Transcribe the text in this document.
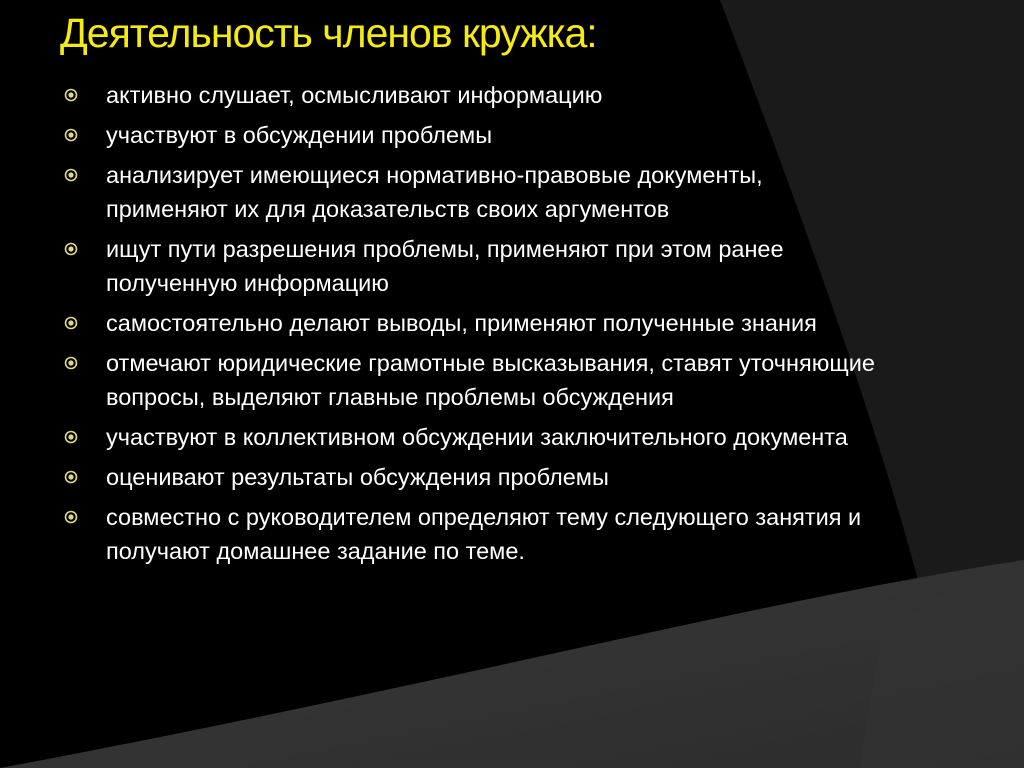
Деятельность членов кружка:
активно слушает, осмысливают информацию
участвуют в обсуждении проблемы
анализирует имеющиеся нормативно-правовые документы, применяют их для доказательств своих аргументов
ищут пути разрешения проблемы, применяют при этом ранее полученную информацию
самостоятельно делают выводы, применяют полученные знания
отмечают юридические грамотные высказывания, ставят уточняющие вопросы, выделяют главные проблемы обсуждения
участвуют в коллективном обсуждении заключительного документа
оценивают результаты обсуждения проблемы
совместно с руководителем определяют тему следующего занятия и получают домашнее задание по теме.
